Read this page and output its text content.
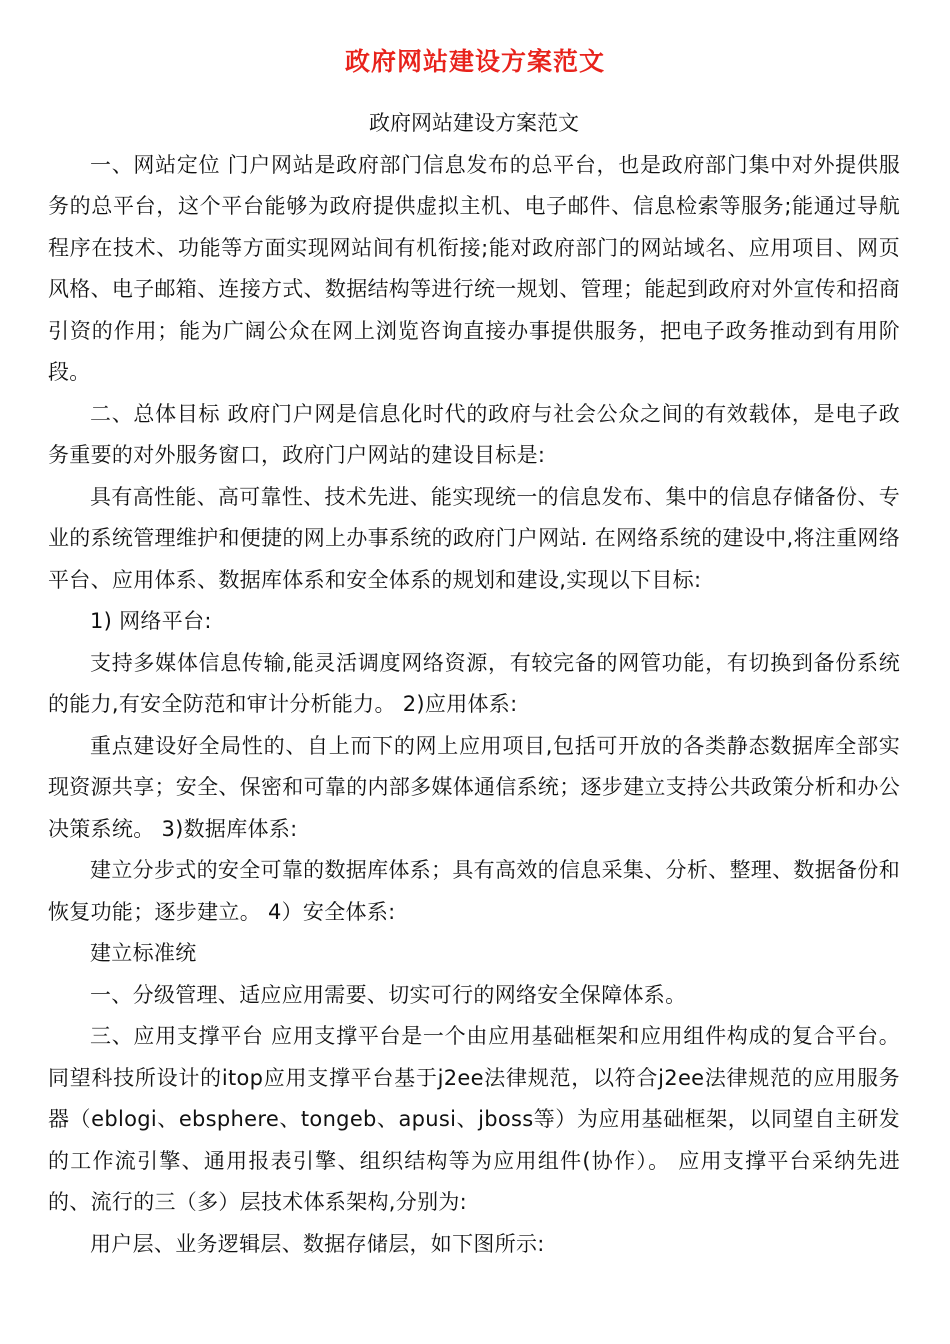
政府网站建设方案范文

政府网站建设方案范文

一、网站定位 门户网站是政府部门信息发布的总平台，也是政府部门集中对外提供服务的总平台，这个平台能够为政府提供虚拟主机、电子邮件、信息检索等服务;能通过导航程序在技术、功能等方面实现网站间有机衔接;能对政府部门的网站域名、应用项目、网页风格、电子邮箱、连接方式、数据结构等进行统一规划、管理；能起到政府对外宣传和招商引资的作用；能为广阔公众在网上浏览咨询直接办事提供服务，把电子政务推动到有用阶段。

二、总体目标 政府门户网是信息化时代的政府与社会公众之间的有效载体，是电子政务重要的对外服务窗口，政府门户网站的建设目标是:

具有高性能、高可靠性、技术先进、能实现统一的信息发布、集中的信息存储备份、专业的系统管理维护和便捷的网上办事系统的政府门户网站. 在网络系统的建设中,将注重网络平台、应用体系、数据库体系和安全体系的规划和建设,实现以下目标:

1) 网络平台:

支持多媒体信息传输,能灵活调度网络资源，有较完备的网管功能，有切换到备份系统的能力,有安全防范和审计分析能力。 2)应用体系:

重点建设好全局性的、自上而下的网上应用项目,包括可开放的各类静态数据库全部实现资源共享；安全、保密和可靠的内部多媒体通信系统；逐步建立支持公共政策分析和办公决策系统。 3)数据库体系:

建立分步式的安全可靠的数据库体系；具有高效的信息采集、分析、整理、数据备份和恢复功能；逐步建立。 4）安全体系:

建立标准统

一、分级管理、适应应用需要、切实可行的网络安全保障体系。

三、应用支撑平台 应用支撑平台是一个由应用基础框架和应用组件构成的复合平台。同望科技所设计的itop应用支撑平台基于j2ee法律规范，以符合j2ee法律规范的应用服务器（eblogi、ebsphere、tongeb、apusi、jboss等）为应用基础框架，以同望自主研发的工作流引擎、通用报表引擎、组织结构等为应用组件(协作）。 应用支撑平台采纳先进的、流行的三（多）层技术体系架构,分别为:

用户层、业务逻辑层、数据存储层，如下图所示:
